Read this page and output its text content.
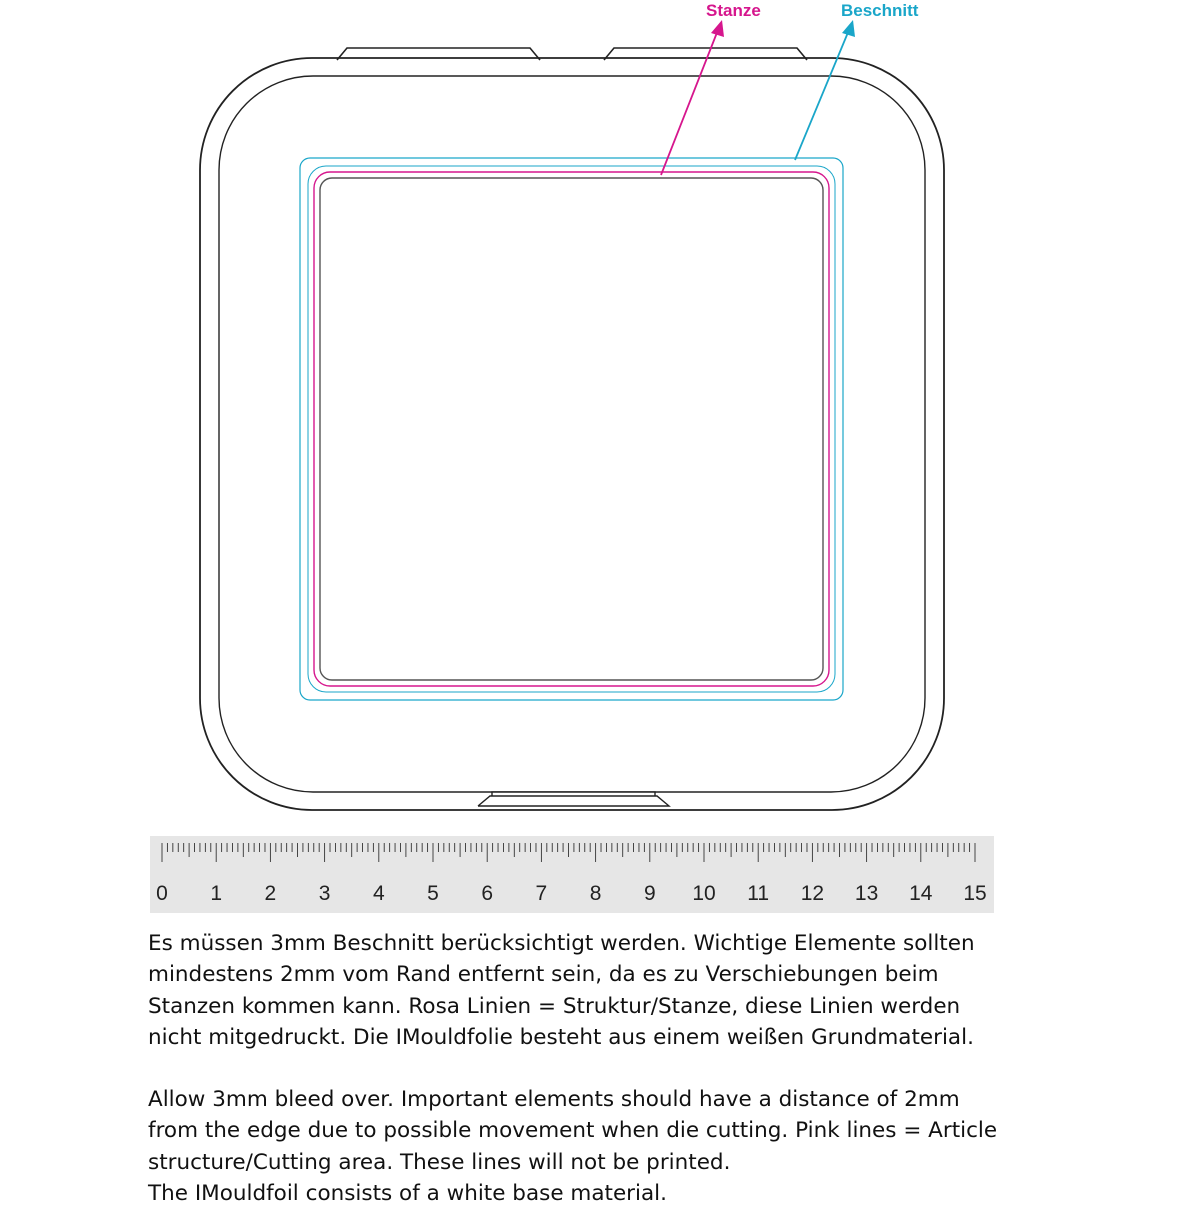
Stanze	Beschnitt
0 1 2 3 4 5 6 7 8 9 10 11 12 13 14 15
Es müssen 3mm Beschnitt berücksichtigt werden. Wichtige Elemente sollten
mindestens 2mm vom Rand entfernt sein, da es zu Verschiebungen beim
Stanzen kommen kann. Rosa Linien = Struktur/Stanze, diese Linien werden
nicht mitgedruckt. Die IMouldfolie besteht aus einem weißen Grundmaterial.
Allow 3mm bleed over. Important elements should have a distance of 2mm
from the edge due to possible movement when die cutting. Pink lines = Article
structure/Cutting area. These lines will not be printed.
The IMouldfoil consists of a white base material.
